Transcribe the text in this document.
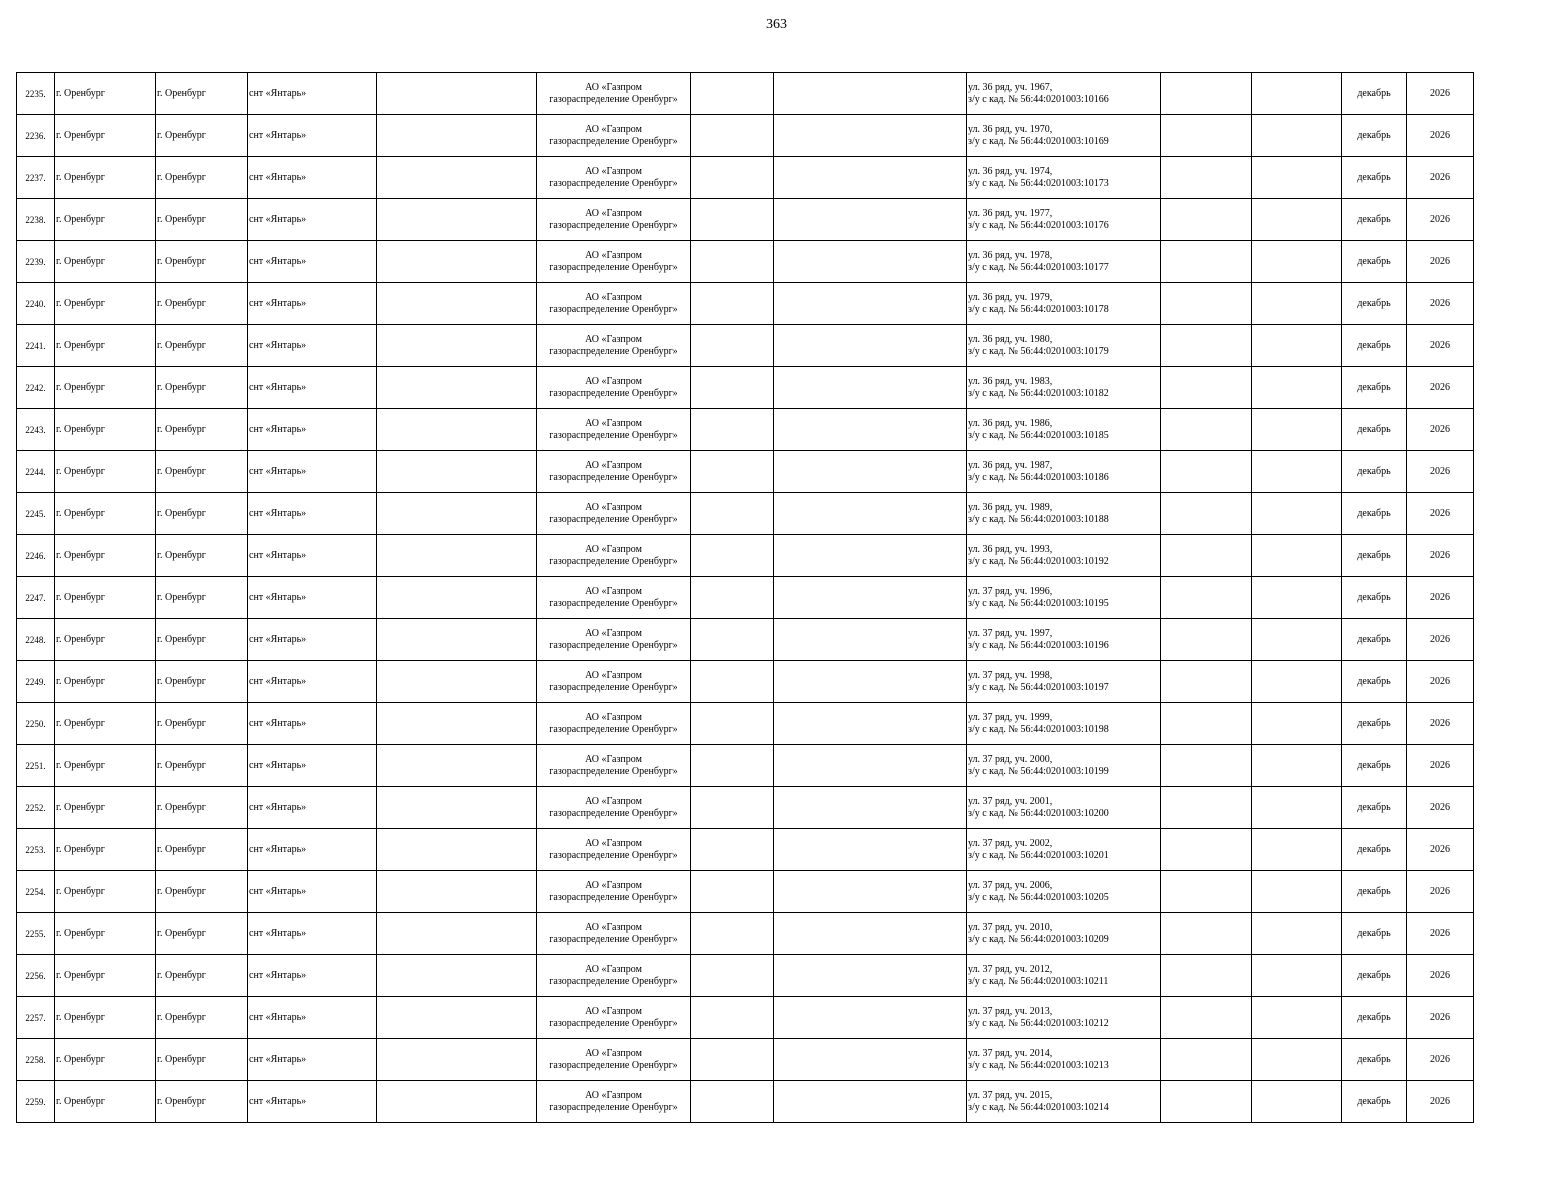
363
2235.	г. Оренбург	г. Оренбург	снт «Янтарь»		АО «Газпром
газораспределение Оренбург»			ул. 36 ряд, уч. 1967,
з/у с кад. № 56:44:0201003:10166			декабрь	2026
2236.	г. Оренбург	г. Оренбург	снт «Янтарь»		АО «Газпром
газораспределение Оренбург»			ул. 36 ряд, уч. 1970,
з/у с кад. № 56:44:0201003:10169			декабрь	2026
2237.	г. Оренбург	г. Оренбург	снт «Янтарь»		АО «Газпром
газораспределение Оренбург»			ул. 36 ряд, уч. 1974,
з/у с кад. № 56:44:0201003:10173			декабрь	2026
2238.	г. Оренбург	г. Оренбург	снт «Янтарь»		АО «Газпром
газораспределение Оренбург»			ул. 36 ряд, уч. 1977,
з/у с кад. № 56:44:0201003:10176			декабрь	2026
2239.	г. Оренбург	г. Оренбург	снт «Янтарь»		АО «Газпром
газораспределение Оренбург»			ул. 36 ряд, уч. 1978,
з/у с кад. № 56:44:0201003:10177			декабрь	2026
2240.	г. Оренбург	г. Оренбург	снт «Янтарь»		АО «Газпром
газораспределение Оренбург»			ул. 36 ряд, уч. 1979,
з/у с кад. № 56:44:0201003:10178			декабрь	2026
2241.	г. Оренбург	г. Оренбург	снт «Янтарь»		АО «Газпром
газораспределение Оренбург»			ул. 36 ряд, уч. 1980,
з/у с кад. № 56:44:0201003:10179			декабрь	2026
2242.	г. Оренбург	г. Оренбург	снт «Янтарь»		АО «Газпром
газораспределение Оренбург»			ул. 36 ряд, уч. 1983,
з/у с кад. № 56:44:0201003:10182			декабрь	2026
2243.	г. Оренбург	г. Оренбург	снт «Янтарь»		АО «Газпром
газораспределение Оренбург»			ул. 36 ряд, уч. 1986,
з/у с кад. № 56:44:0201003:10185			декабрь	2026
2244.	г. Оренбург	г. Оренбург	снт «Янтарь»		АО «Газпром
газораспределение Оренбург»			ул. 36 ряд, уч. 1987,
з/у с кад. № 56:44:0201003:10186			декабрь	2026
2245.	г. Оренбург	г. Оренбург	снт «Янтарь»		АО «Газпром
газораспределение Оренбург»			ул. 36 ряд, уч. 1989,
з/у с кад. № 56:44:0201003:10188			декабрь	2026
2246.	г. Оренбург	г. Оренбург	снт «Янтарь»		АО «Газпром
газораспределение Оренбург»			ул. 36 ряд, уч. 1993,
з/у с кад. № 56:44:0201003:10192			декабрь	2026
2247.	г. Оренбург	г. Оренбург	снт «Янтарь»		АО «Газпром
газораспределение Оренбург»			ул. 37 ряд, уч. 1996,
з/у с кад. № 56:44:0201003:10195			декабрь	2026
2248.	г. Оренбург	г. Оренбург	снт «Янтарь»		АО «Газпром
газораспределение Оренбург»			ул. 37 ряд, уч. 1997,
з/у с кад. № 56:44:0201003:10196			декабрь	2026
2249.	г. Оренбург	г. Оренбург	снт «Янтарь»		АО «Газпром
газораспределение Оренбург»			ул. 37 ряд, уч. 1998,
з/у с кад. № 56:44:0201003:10197			декабрь	2026
2250.	г. Оренбург	г. Оренбург	снт «Янтарь»		АО «Газпром
газораспределение Оренбург»			ул. 37 ряд, уч. 1999,
з/у с кад. № 56:44:0201003:10198			декабрь	2026
2251.	г. Оренбург	г. Оренбург	снт «Янтарь»		АО «Газпром
газораспределение Оренбург»			ул. 37 ряд, уч. 2000,
з/у с кад. № 56:44:0201003:10199			декабрь	2026
2252.	г. Оренбург	г. Оренбург	снт «Янтарь»		АО «Газпром
газораспределение Оренбург»			ул. 37 ряд, уч. 2001,
з/у с кад. № 56:44:0201003:10200			декабрь	2026
2253.	г. Оренбург	г. Оренбург	снт «Янтарь»		АО «Газпром
газораспределение Оренбург»			ул. 37 ряд, уч. 2002,
з/у с кад. № 56:44:0201003:10201			декабрь	2026
2254.	г. Оренбург	г. Оренбург	снт «Янтарь»		АО «Газпром
газораспределение Оренбург»			ул. 37 ряд, уч. 2006,
з/у с кад. № 56:44:0201003:10205			декабрь	2026
2255.	г. Оренбург	г. Оренбург	снт «Янтарь»		АО «Газпром
газораспределение Оренбург»			ул. 37 ряд, уч. 2010,
з/у с кад. № 56:44:0201003:10209			декабрь	2026
2256.	г. Оренбург	г. Оренбург	снт «Янтарь»		АО «Газпром
газораспределение Оренбург»			ул. 37 ряд, уч. 2012,
з/у с кад. № 56:44:0201003:10211			декабрь	2026
2257.	г. Оренбург	г. Оренбург	снт «Янтарь»		АО «Газпром
газораспределение Оренбург»			ул. 37 ряд, уч. 2013,
з/у с кад. № 56:44:0201003:10212			декабрь	2026
2258.	г. Оренбург	г. Оренбург	снт «Янтарь»		АО «Газпром
газораспределение Оренбург»			ул. 37 ряд, уч. 2014,
з/у с кад. № 56:44:0201003:10213			декабрь	2026
2259.	г. Оренбург	г. Оренбург	снт «Янтарь»		АО «Газпром
газораспределение Оренбург»			ул. 37 ряд, уч. 2015,
з/у с кад. № 56:44:0201003:10214			декабрь	2026
